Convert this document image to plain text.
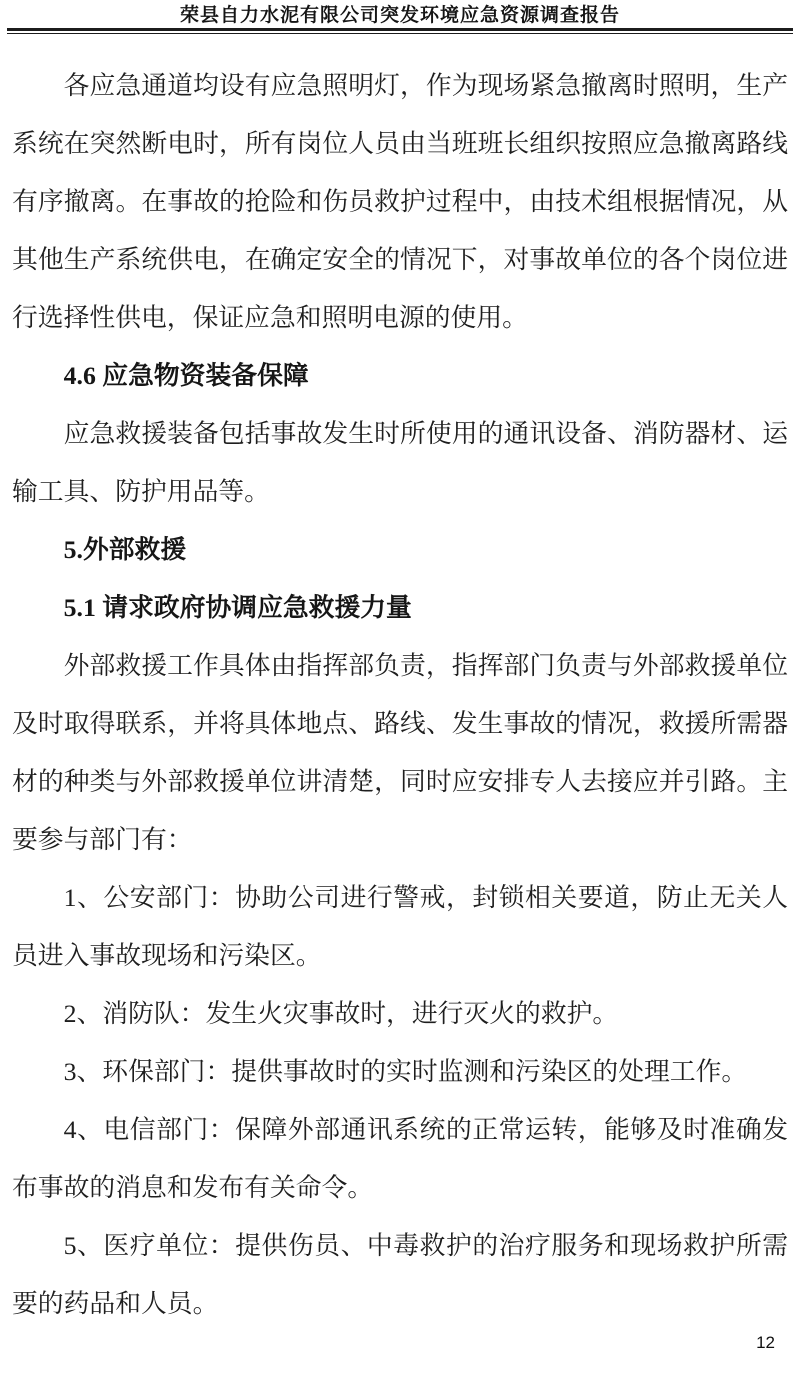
荣县自力水泥有限公司突发环境应急资源调查报告

各应急通道均设有应急照明灯，作为现场紧急撤离时照明，生产系统在突然断电时，所有岗位人员由当班班长组织按照应急撤离路线有序撤离。在事故的抢险和伤员救护过程中，由技术组根据情况，从其他生产系统供电，在确定安全的情况下，对事故单位的各个岗位进行选择性供电，保证应急和照明电源的使用。

4.6 应急物资装备保障

应急救援装备包括事故发生时所使用的通讯设备、消防器材、运输工具、防护用品等。

5.外部救援
5.1 请求政府协调应急救援力量

外部救援工作具体由指挥部负责，指挥部门负责与外部救援单位及时取得联系，并将具体地点、路线、发生事故的情况，救援所需器材的种类与外部救援单位讲清楚，同时应安排专人去接应并引路。主要参与部门有：

1、公安部门：协助公司进行警戒，封锁相关要道，防止无关人员进入事故现场和污染区。

2、消防队：发生火灾事故时，进行灭火的救护。

3、环保部门：提供事故时的实时监测和污染区的处理工作。

4、电信部门：保障外部通讯系统的正常运转，能够及时准确发布事故的消息和发布有关命令。

5、医疗单位：提供伤员、中毒救护的治疗服务和现场救护所需要的药品和人员。

12
